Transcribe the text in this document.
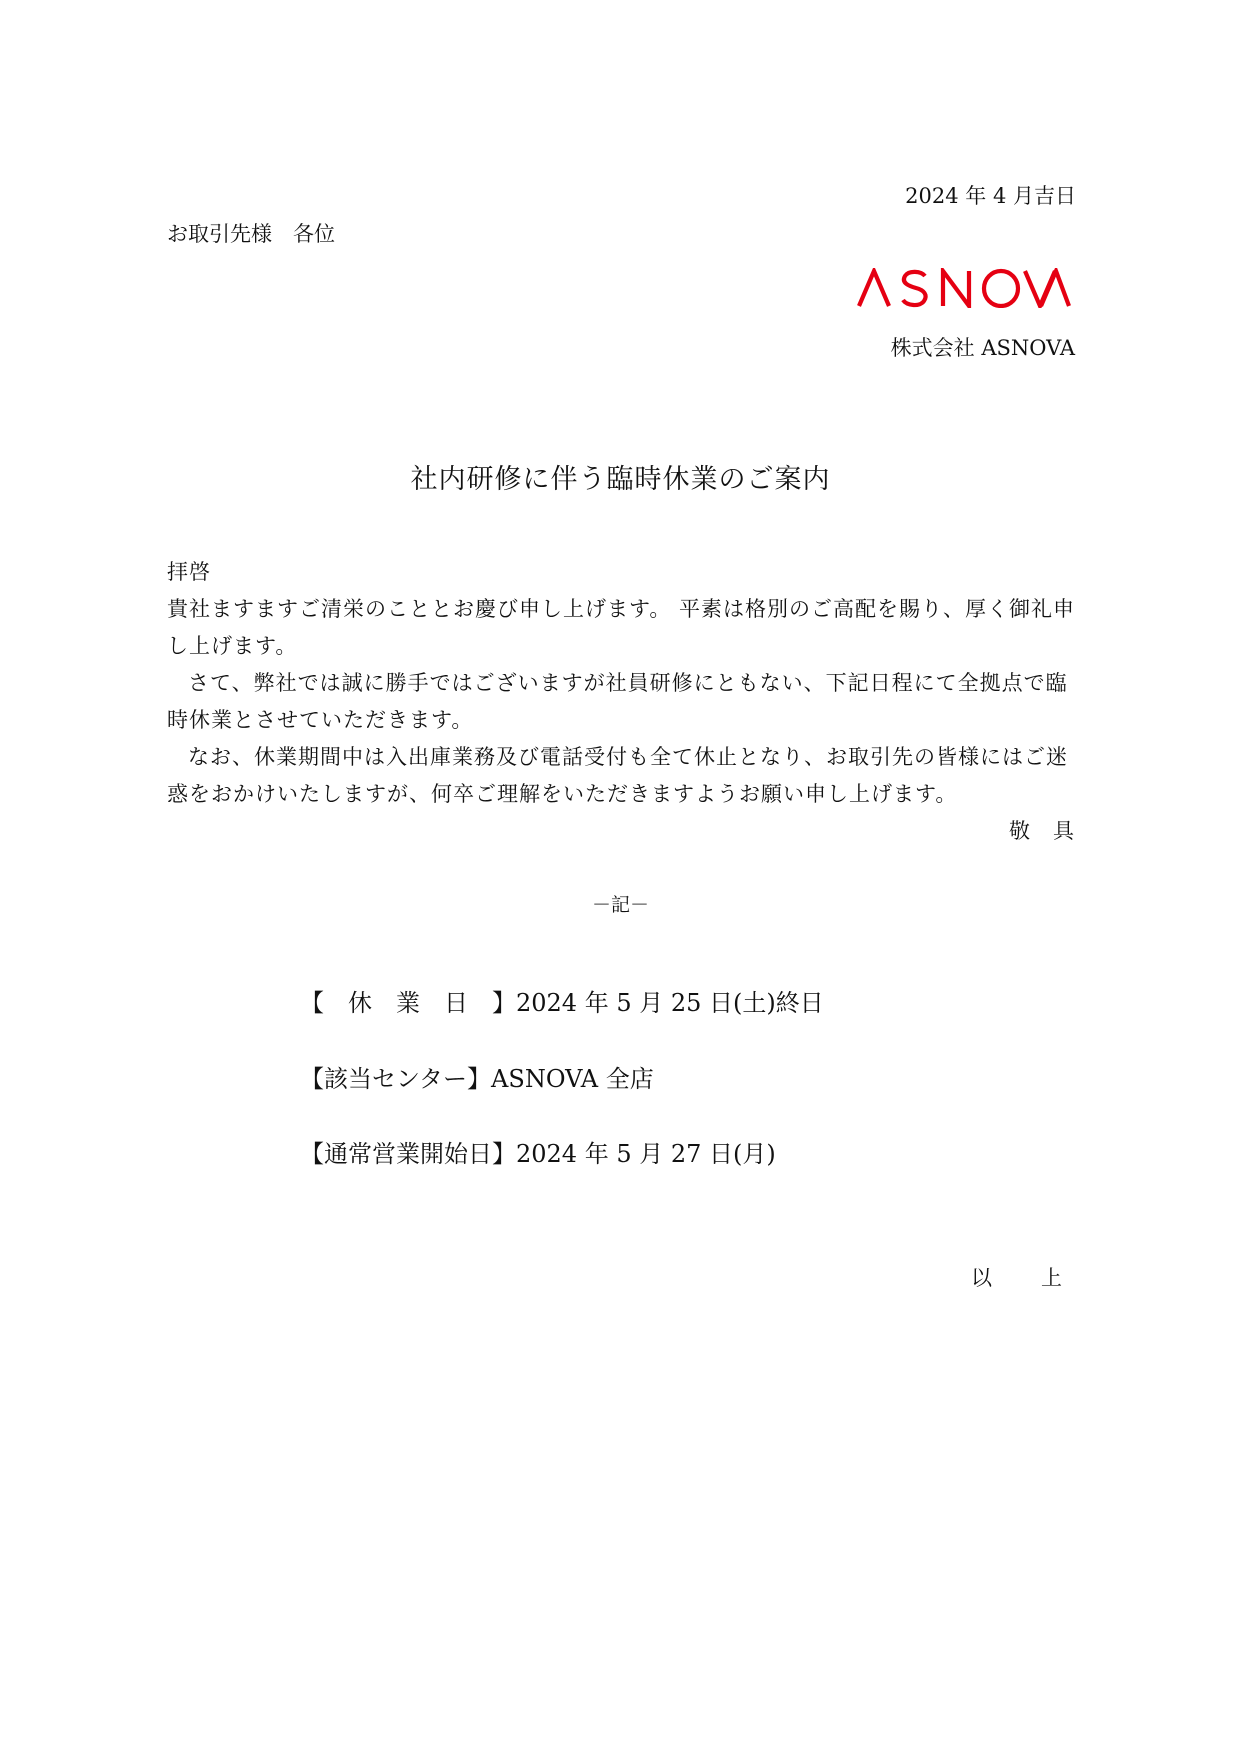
2024 年 4 月吉日
お取引先様　各位
株式会社 ASNOVA
社内研修に伴う臨時休業のご案内

拝啓

貴社ますますご清栄のこととお慶び申し上げます。 平素は格別のご高配を賜り、厚く御礼申し上げます。

さて、弊社では誠に勝手ではございますが社員研修にともない、下記日程にて全拠点で臨時休業とさせていただきます。

なお、休業期間中は入出庫業務及び電話受付も全て休止となり、お取引先の皆様にはご迷惑をおかけいたしますが、何卒ご理解をいただきますようお願い申し上げます。

敬　具

－記－
【　休　業　日　】2024 年 5 月 25 日(土)終日
【該当センター】ASNOVA 全店
【通常営業開始日】2024 年 5 月 27 日(月)
以　上
